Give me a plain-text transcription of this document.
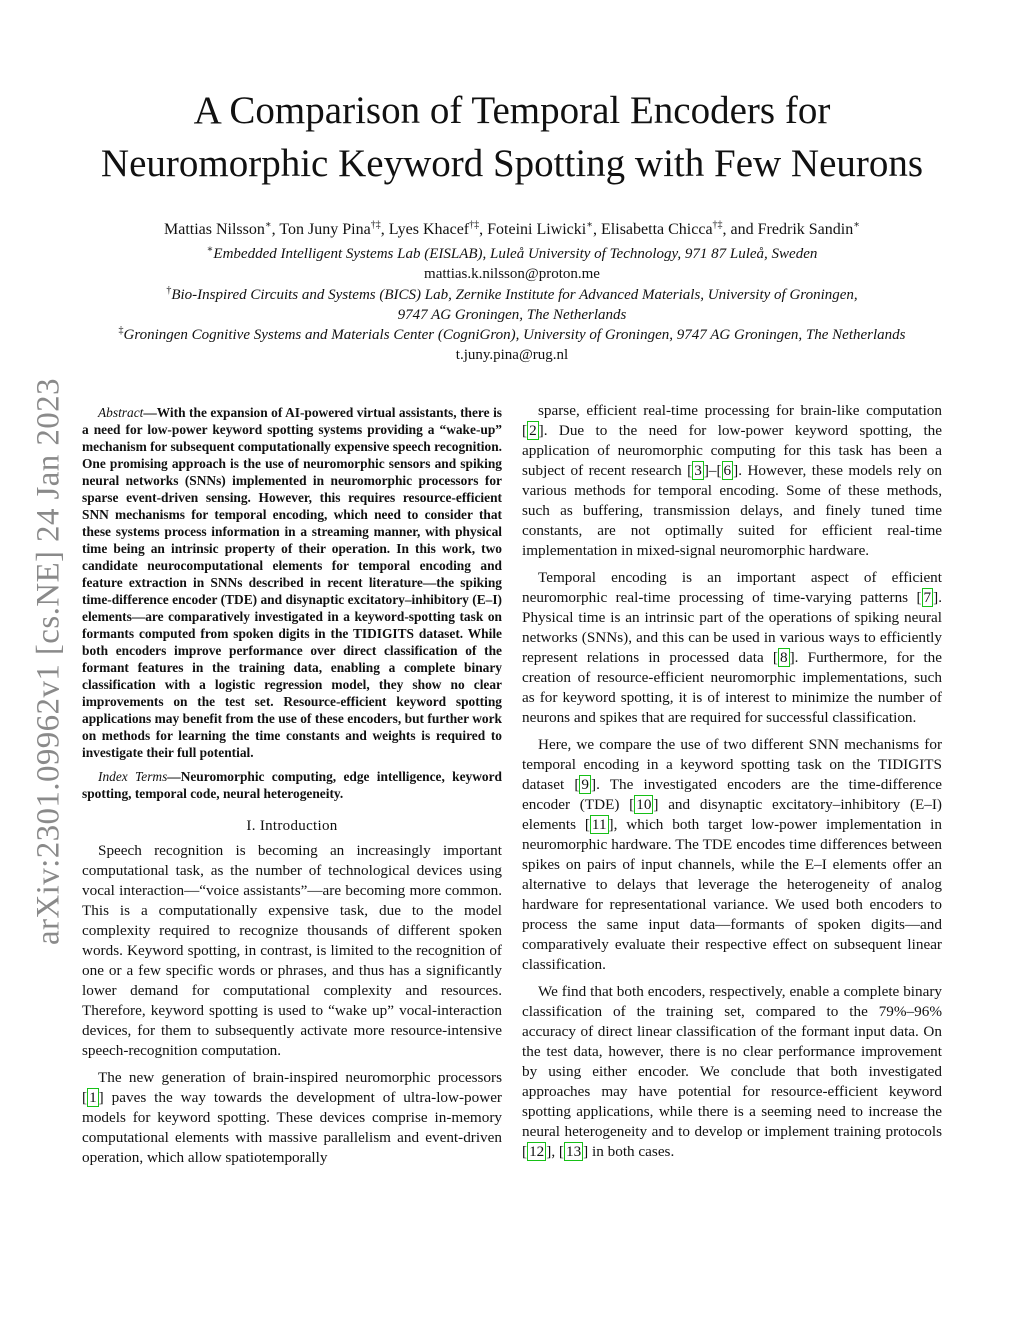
arXiv:2301.09962v1 [cs.NE] 24 Jan 2023
A Comparison of Temporal Encoders for
Neuromorphic Keyword Spotting with Few Neurons
Mattias Nilsson∗, Ton Juny Pina†‡, Lyes Khacef†‡, Foteini Liwicki∗, Elisabetta Chicca†‡, and Fredrik Sandin∗
∗Embedded Intelligent Systems Lab (EISLAB), Luleå University of Technology, 971 87 Luleå, Sweden
mattias.k.nilsson@proton.me
†Bio-Inspired Circuits and Systems (BICS) Lab, Zernike Institute for Advanced Materials, University of Groningen,
9747 AG Groningen, The Netherlands
‡Groningen Cognitive Systems and Materials Center (CogniGron), University of Groningen, 9747 AG Groningen, The Netherlands
t.juny.pina@rug.nl

Abstract—With the expansion of AI-powered virtual assistants, there is a need for low-power keyword spotting systems providing a “wake-up” mechanism for subsequent computationally expensive speech recognition. One promising approach is the use of neuromorphic sensors and spiking neural networks (SNNs) implemented in neuromorphic processors for sparse event-driven sensing. However, this requires resource-efficient SNN mechanisms for temporal encoding, which need to consider that these systems process information in a streaming manner, with physical time being an intrinsic property of their operation. In this work, two candidate neurocomputational elements for temporal encoding and feature extraction in SNNs described in recent literature—the spiking time-difference encoder (TDE) and disynaptic excitatory–inhibitory (E–I) elements—are comparatively investigated in a keyword-spotting task on formants computed from spoken digits in the TIDIGITS dataset. While both encoders improve performance over direct classification of the formant features in the training data, enabling a complete binary classification with a logistic regression model, they show no clear improvements on the test set. Resource-efficient keyword spotting applications may benefit from the use of these encoders, but further work on methods for learning the time constants and weights is required to investigate their full potential.

Index Terms—Neuromorphic computing, edge intelligence, keyword spotting, temporal code, neural heterogeneity.

I. Introduction

Speech recognition is becoming an increasingly important computational task, as the number of technological devices using vocal interaction—“voice assistants”—are becoming more common. This is a computationally expensive task, due to the model complexity required to recognize thousands of different spoken words. Keyword spotting, in contrast, is limited to the recognition of one or a few specific words or phrases, and thus has a significantly lower demand for computational complexity and resources. Therefore, keyword spotting is used to “wake up” vocal-interaction devices, for them to subsequently activate more resource-intensive speech-recognition computation.

The new generation of brain-inspired neuromorphic processors [ 1 ] paves the way towards the development of ultra-low-power models for keyword spotting. These devices comprise in-memory computational elements with massive parallelism and event-driven operation, which allow spatiotemporally

sparse, efficient real-time processing for brain-like computation [ 2 ]. Due to the need for low-power keyword spotting, the application of neuromorphic computing for this task has been a subject of recent research [ 3 ]–[ 6 ]. However, these models rely on various methods for temporal encoding. Some of these methods, such as buffering, transmission delays, and finely tuned time constants, are not optimally suited for efficient real-time implementation in mixed-signal neuromorphic hardware.

Temporal encoding is an important aspect of efficient neuromorphic real-time processing of time-varying patterns [ 7 ]. Physical time is an intrinsic part of the operations of spiking neural networks (SNNs), and this can be used in various ways to efficiently represent relations in processed data [ 8 ]. Furthermore, for the creation of resource-efficient neuromorphic implementations, such as for keyword spotting, it is of interest to minimize the number of neurons and spikes that are required for successful classification.

Here, we compare the use of two different SNN mechanisms for temporal encoding in a keyword spotting task on the TIDIGITS dataset [ 9 ]. The investigated encoders are the time-difference encoder (TDE) [ 10 ] and disynaptic excitatory–inhibitory (E–I) elements [ 11 ], which both target low-power implementation in neuromorphic hardware. The TDE encodes time differences between spikes on pairs of input channels, while the E–I elements offer an alternative to delays that leverage the heterogeneity of analog hardware for representational variance. We used both encoders to process the same input data—formants of spoken digits—and comparatively evaluate their respective effect on subsequent linear classification.

We find that both encoders, respectively, enable a complete binary classification of the training set, compared to the 79%–96% accuracy of direct linear classification of the formant input data. On the test data, however, there is no clear performance improvement by using either encoder. We conclude that both investigated approaches may have potential for resource-efficient keyword spotting applications, while there is a seeming need to increase the neural heterogeneity and to develop or implement training protocols [ 12 ], [ 13 ] in both cases.
